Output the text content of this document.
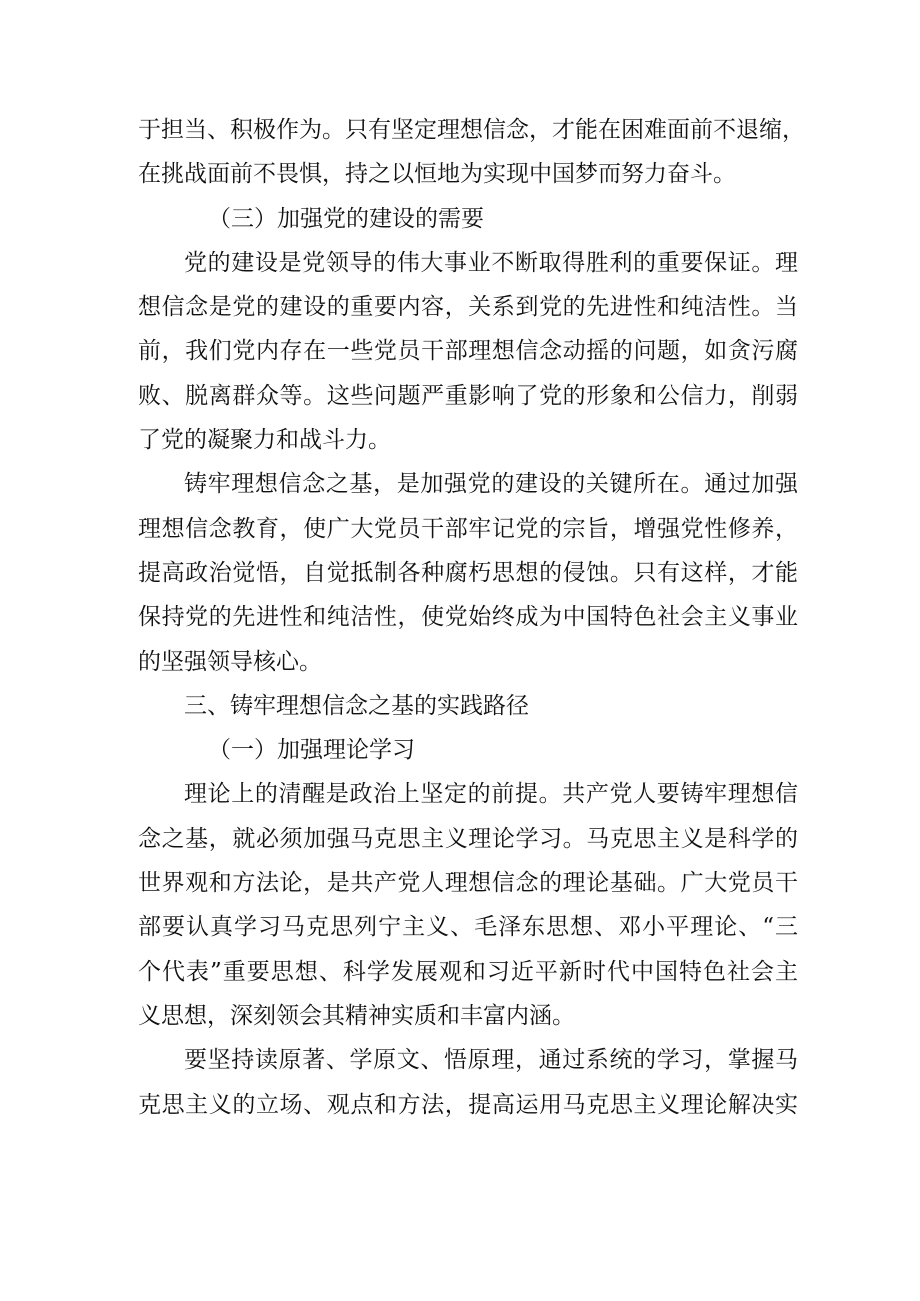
于担当、积极作为。只有坚定理想信念，才能在困难面前不退缩，
在挑战面前不畏惧，持之以恒地为实现中国梦而努力奋斗。
（三）加强党的建设的需要
党的建设是党领导的伟大事业不断取得胜利的重要保证。理
想信念是党的建设的重要内容，关系到党的先进性和纯洁性。当
前，我们党内存在一些党员干部理想信念动摇的问题，如贪污腐
败、脱离群众等。这些问题严重影响了党的形象和公信力，削弱
了党的凝聚力和战斗力。
铸牢理想信念之基，是加强党的建设的关键所在。通过加强
理想信念教育，使广大党员干部牢记党的宗旨，增强党性修养，
提高政治觉悟，自觉抵制各种腐朽思想的侵蚀。只有这样，才能
保持党的先进性和纯洁性，使党始终成为中国特色社会主义事业
的坚强领导核心。
三、铸牢理想信念之基的实践路径
（一）加强理论学习
理论上的清醒是政治上坚定的前提。共产党人要铸牢理想信
念之基，就必须加强马克思主义理论学习。马克思主义是科学的
世界观和方法论，是共产党人理想信念的理论基础。广大党员干
部要认真学习马克思列宁主义、毛泽东思想、邓小平理论、“三
个代表”重要思想、科学发展观和习近平新时代中国特色社会主
义思想，深刻领会其精神实质和丰富内涵。
要坚持读原著、学原文、悟原理，通过系统的学习，掌握马
克思主义的立场、观点和方法，提高运用马克思主义理论解决实
